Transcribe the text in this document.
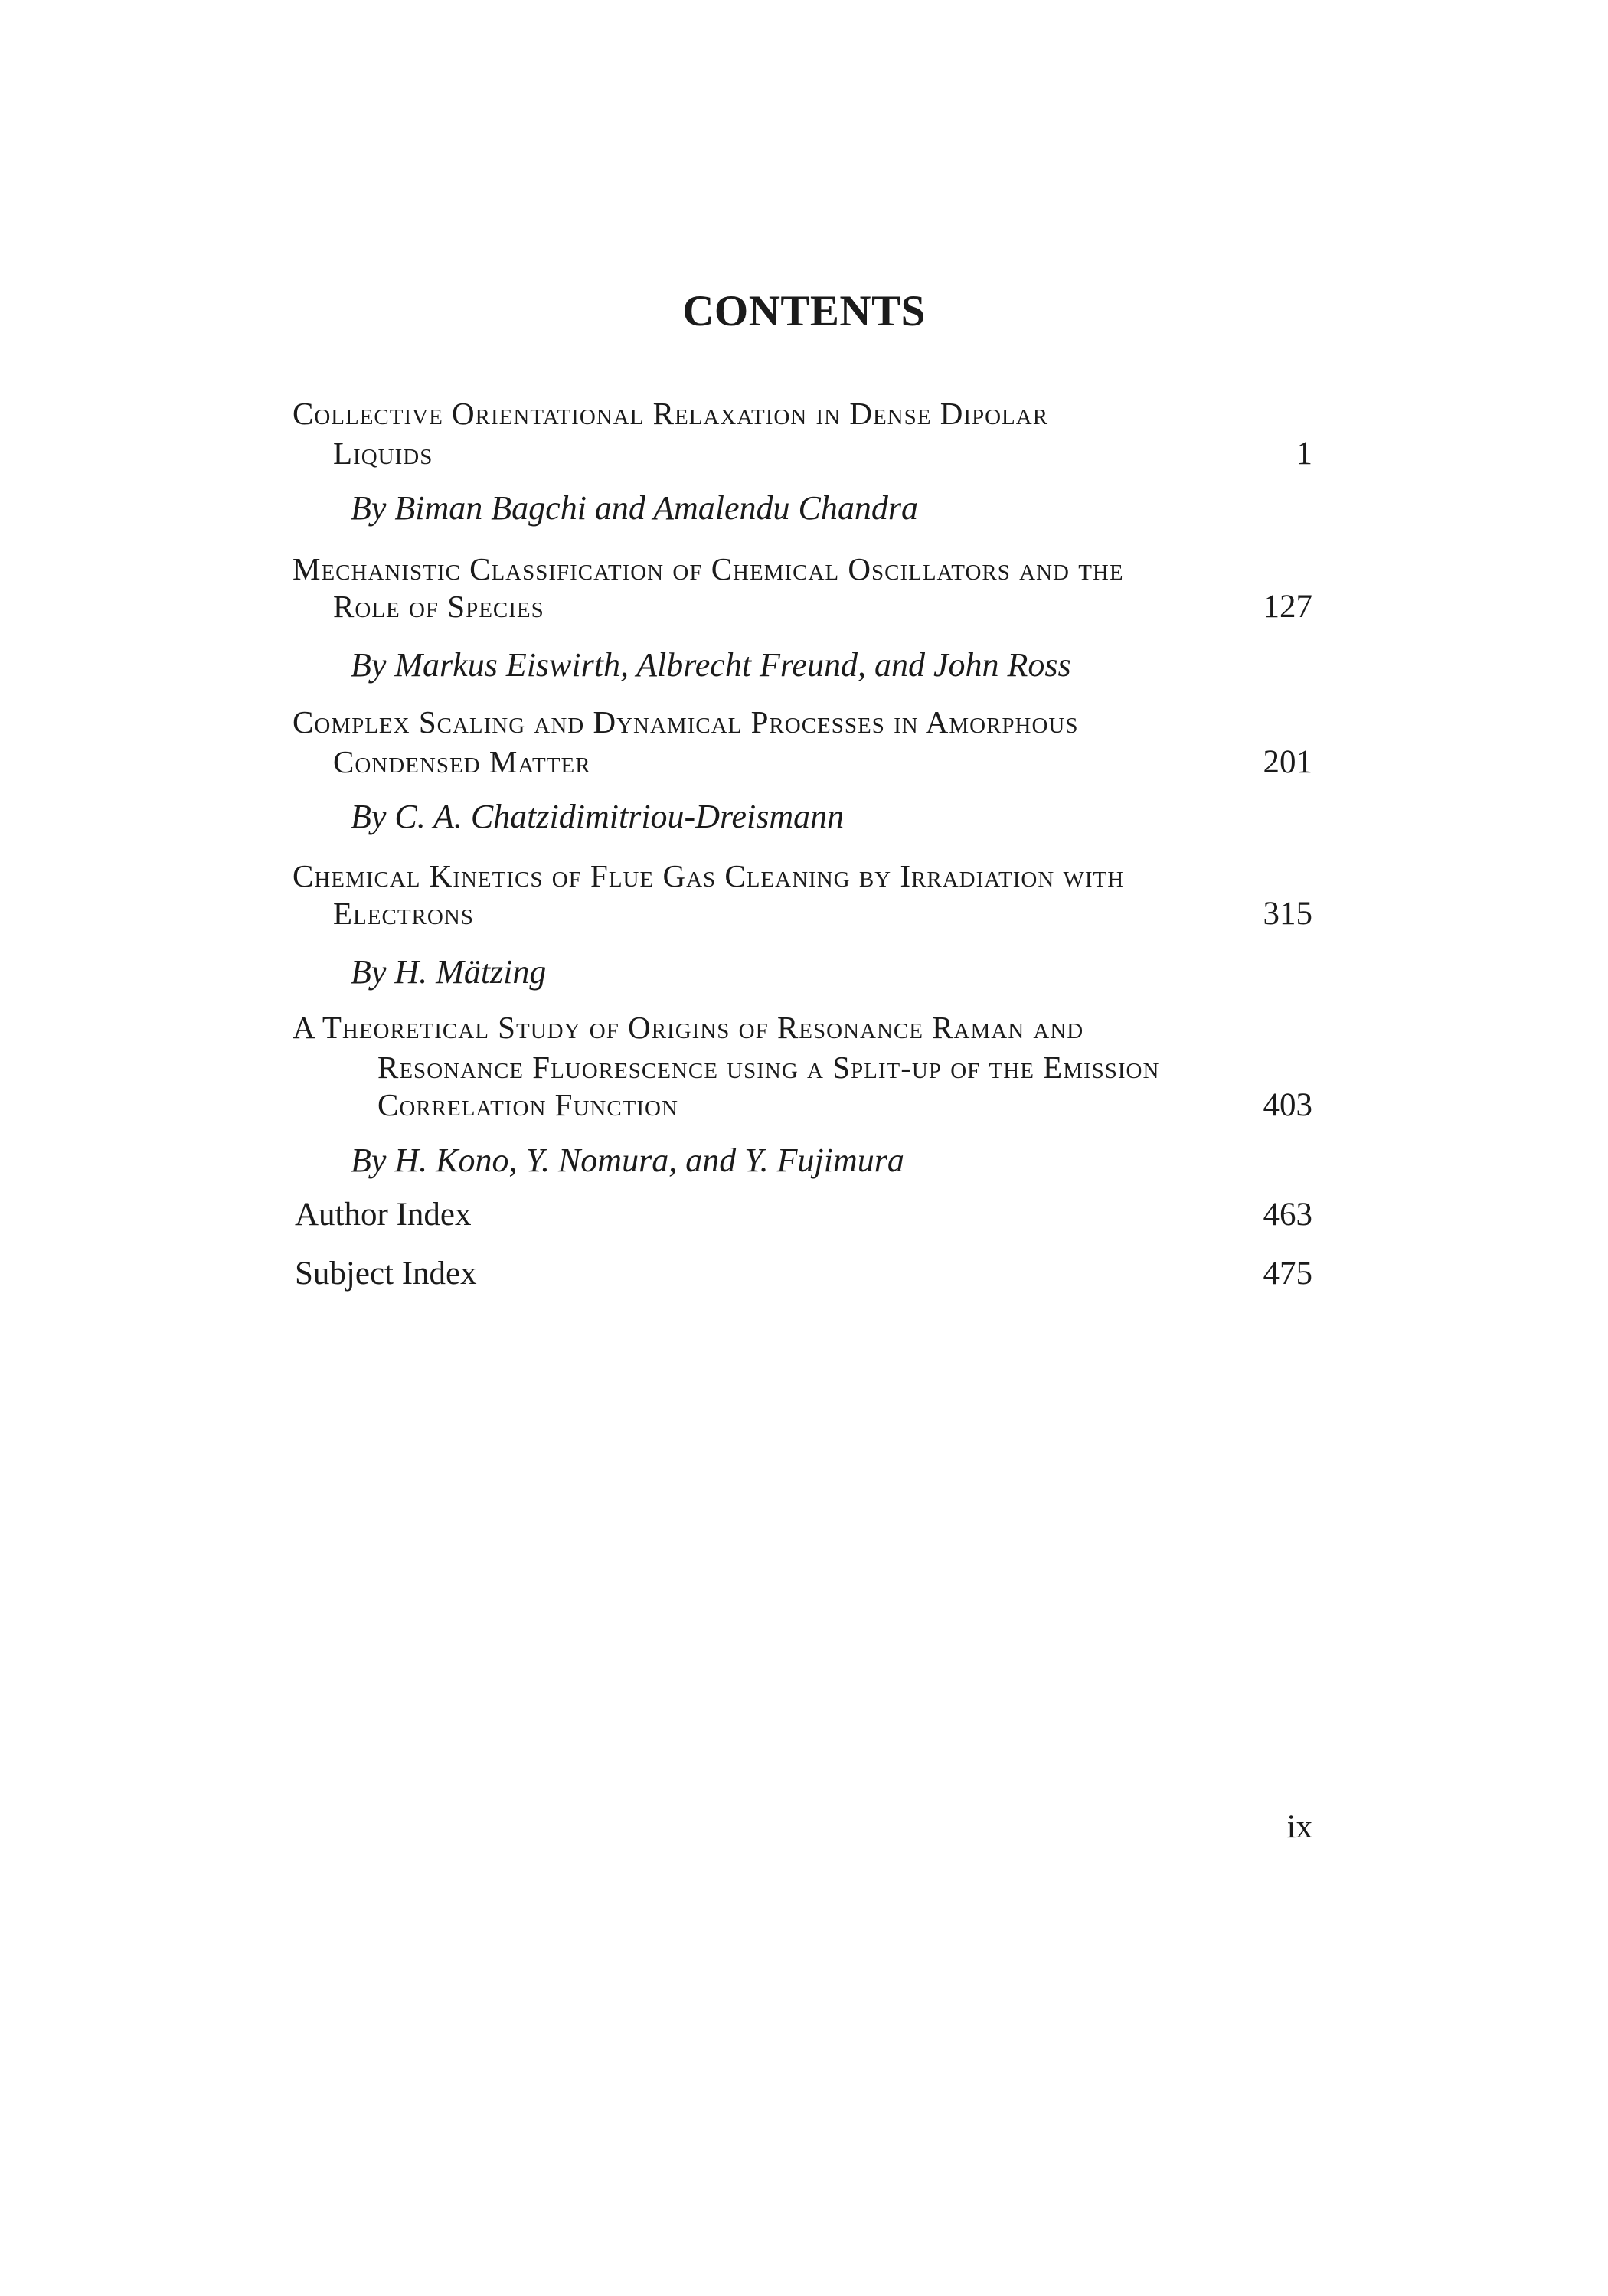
CONTENTS
Collective Orientational Relaxation in Dense Dipolar
Liquids	1
By Biman Bagchi and Amalendu Chandra
Mechanistic Classification of Chemical Oscillators and the
Role of Species	127
By Markus Eiswirth, Albrecht Freund, and John Ross
Complex Scaling and Dynamical Processes in Amorphous
Condensed Matter	201
By C. A. Chatzidimitriou-Dreismann
Chemical Kinetics of Flue Gas Cleaning by Irradiation with
Electrons	315
By H. Mätzing
A Theoretical Study of Origins of Resonance Raman and
Resonance Fluorescence using a Split-up of the Emission
Correlation Function	403
By H. Kono, Y. Nomura, and Y. Fujimura
Author Index	463
Subject Index	475
ix
